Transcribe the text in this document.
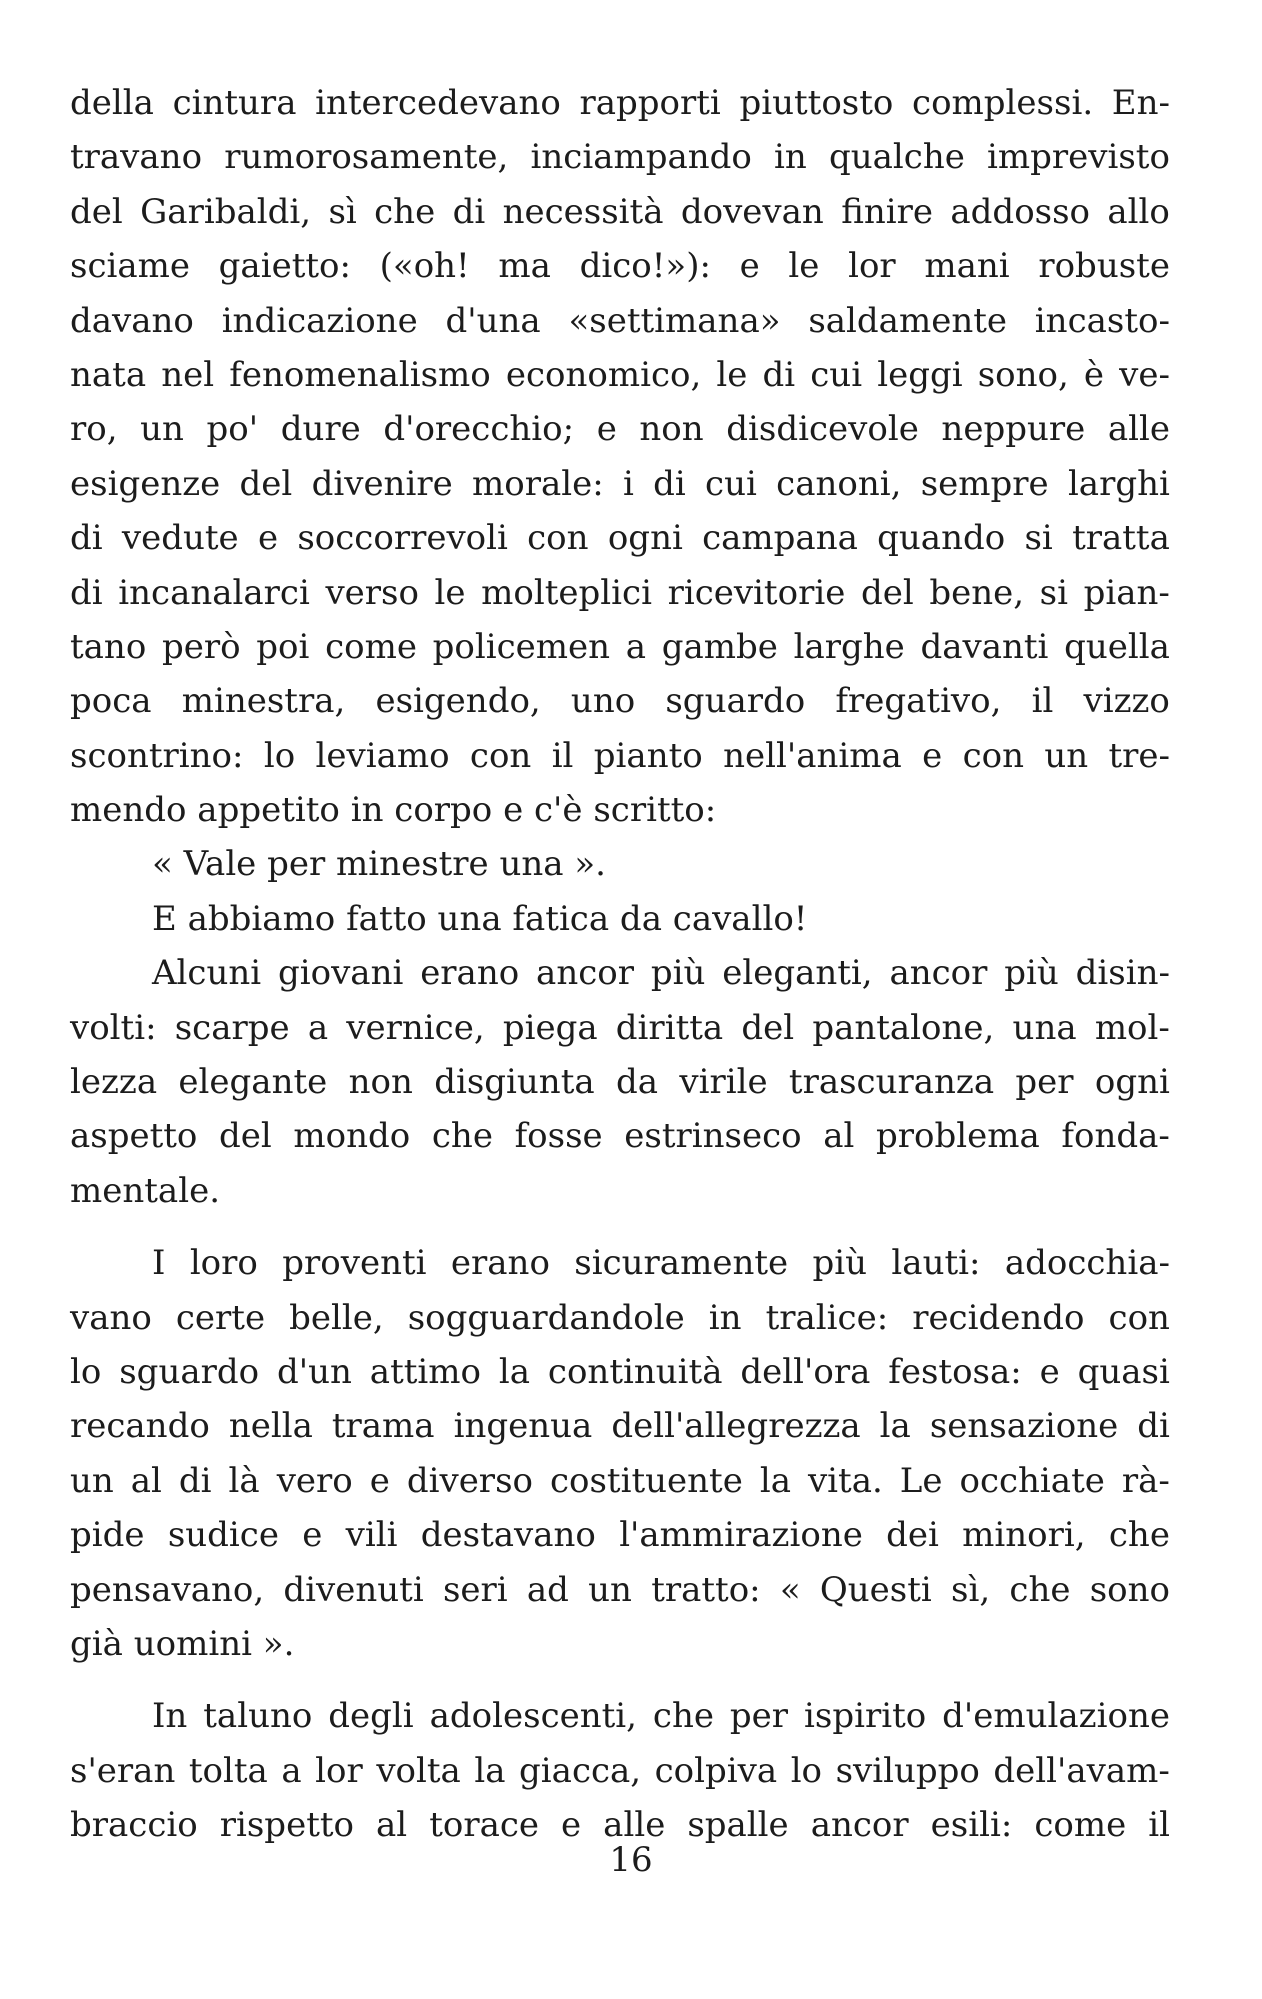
della cintura intercedevano rapporti piuttosto complessi. En-
travano rumorosamente, inciampando in qualche imprevisto
del Garibaldi, sì che di necessità dovevan finire addosso allo
sciame gaietto: («oh! ma dico!»): e le lor mani robuste
davano indicazione d'una «settimana» saldamente incasto-
nata nel fenomenalismo economico, le di cui leggi sono, è ve-
ro, un po' dure d'orecchio; e non disdicevole neppure alle
esigenze del divenire morale: i di cui canoni, sempre larghi
di vedute e soccorrevoli con ogni campana quando si tratta
di incanalarci verso le molteplici ricevitorie del bene, si pian-
tano però poi come policemen a gambe larghe davanti quella
poca minestra, esigendo, uno sguardo fregativo, il vizzo
scontrino: lo leviamo con il pianto nell'anima e con un tre-
mendo appetito in corpo e c'è scritto:
« Vale per minestre una ».
E abbiamo fatto una fatica da cavallo!
Alcuni giovani erano ancor più eleganti, ancor più disin-
volti: scarpe a vernice, piega diritta del pantalone, una mol-
lezza elegante non disgiunta da virile trascuranza per ogni
aspetto del mondo che fosse estrinseco al problema fonda-
mentale.
I loro proventi erano sicuramente più lauti: adocchia-
vano certe belle, sogguardandole in tralice: recidendo con
lo sguardo d'un attimo la continuità dell'ora festosa: e quasi
recando nella trama ingenua dell'allegrezza la sensazione di
un al di là vero e diverso costituente la vita. Le occhiate rà-
pide sudice e vili destavano l'ammirazione dei minori, che
pensavano, divenuti seri ad un tratto: « Questi sì, che sono
già uomini ».
In taluno degli adolescenti, che per ispirito d'emulazione
s'eran tolta a lor volta la giacca, colpiva lo sviluppo dell'avam-
braccio rispetto al torace e alle spalle ancor esili: come il
16
